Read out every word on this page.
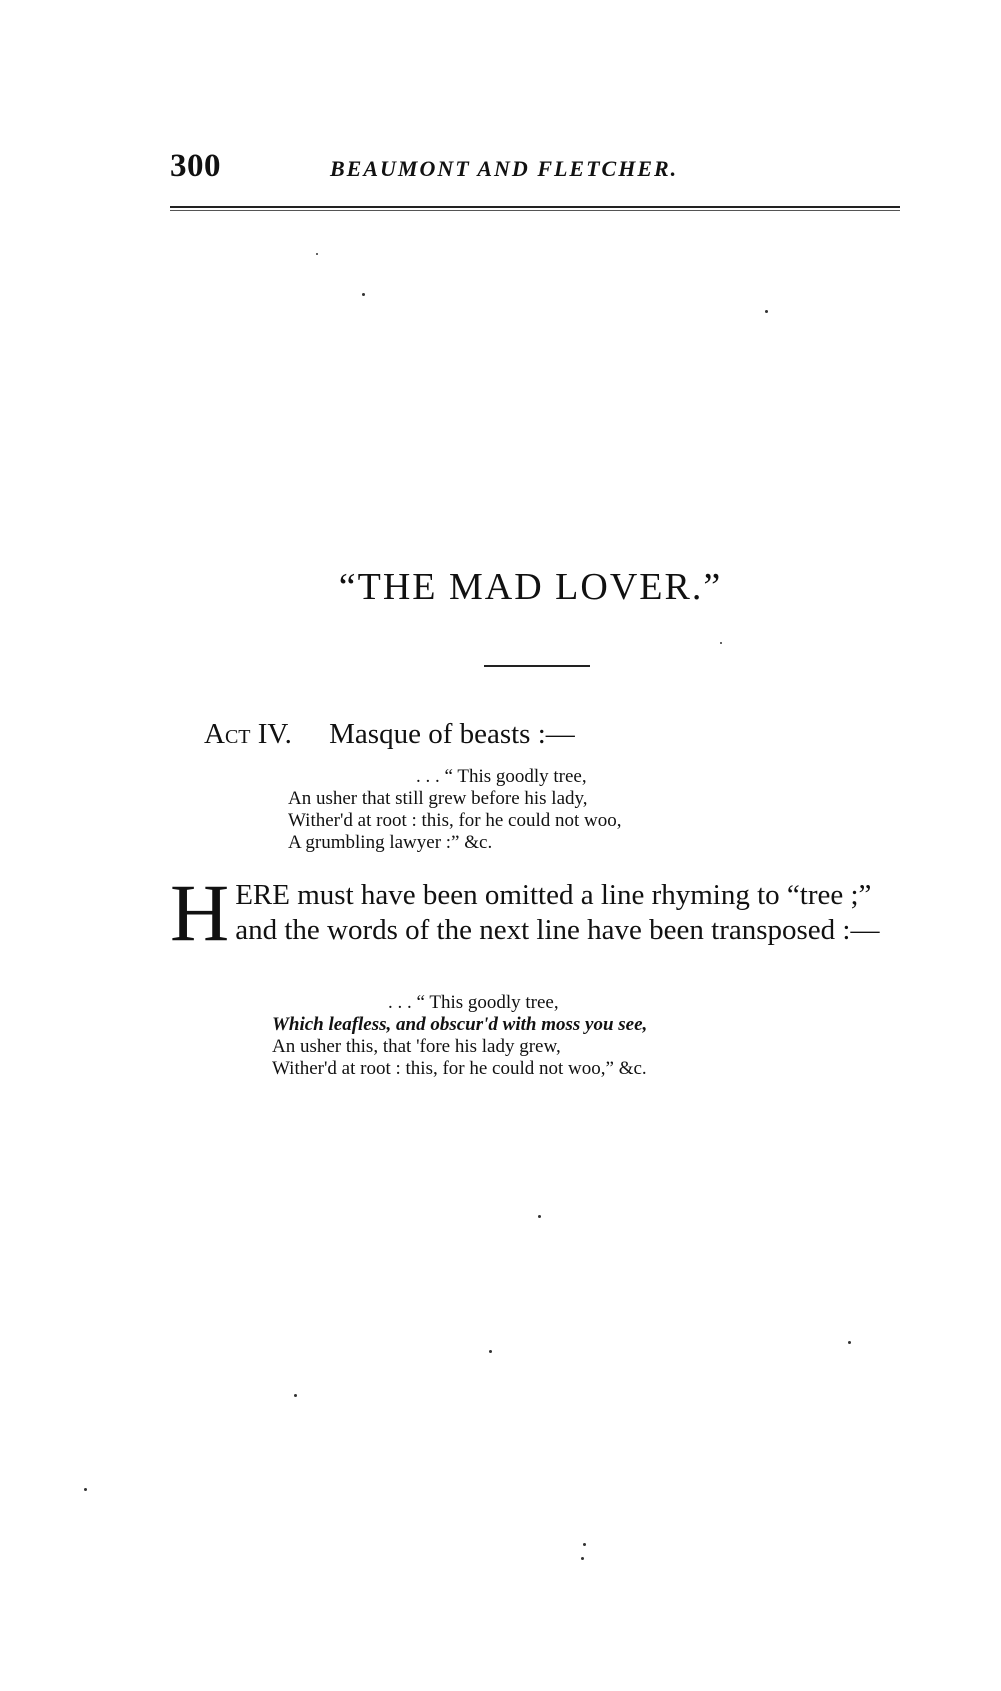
300	BEAUMONT AND FLETCHER.
“THE MAD LOVER.”
Act IV. Masque of beasts :—
. . . “ This goodly tree,
An usher that still grew before his lady,
Wither'd at root : this, for he could not woo,
A grumbling lawyer :” &c.
H ERE must have been omitted a line rhyming to “tree ;” and the words of the next line have been transposed :—
. . . “ This goodly tree,
Which leafless, and obscur'd with moss you see,
An usher this, that 'fore his lady grew,
Wither'd at root : this, for he could not woo,” &c.
